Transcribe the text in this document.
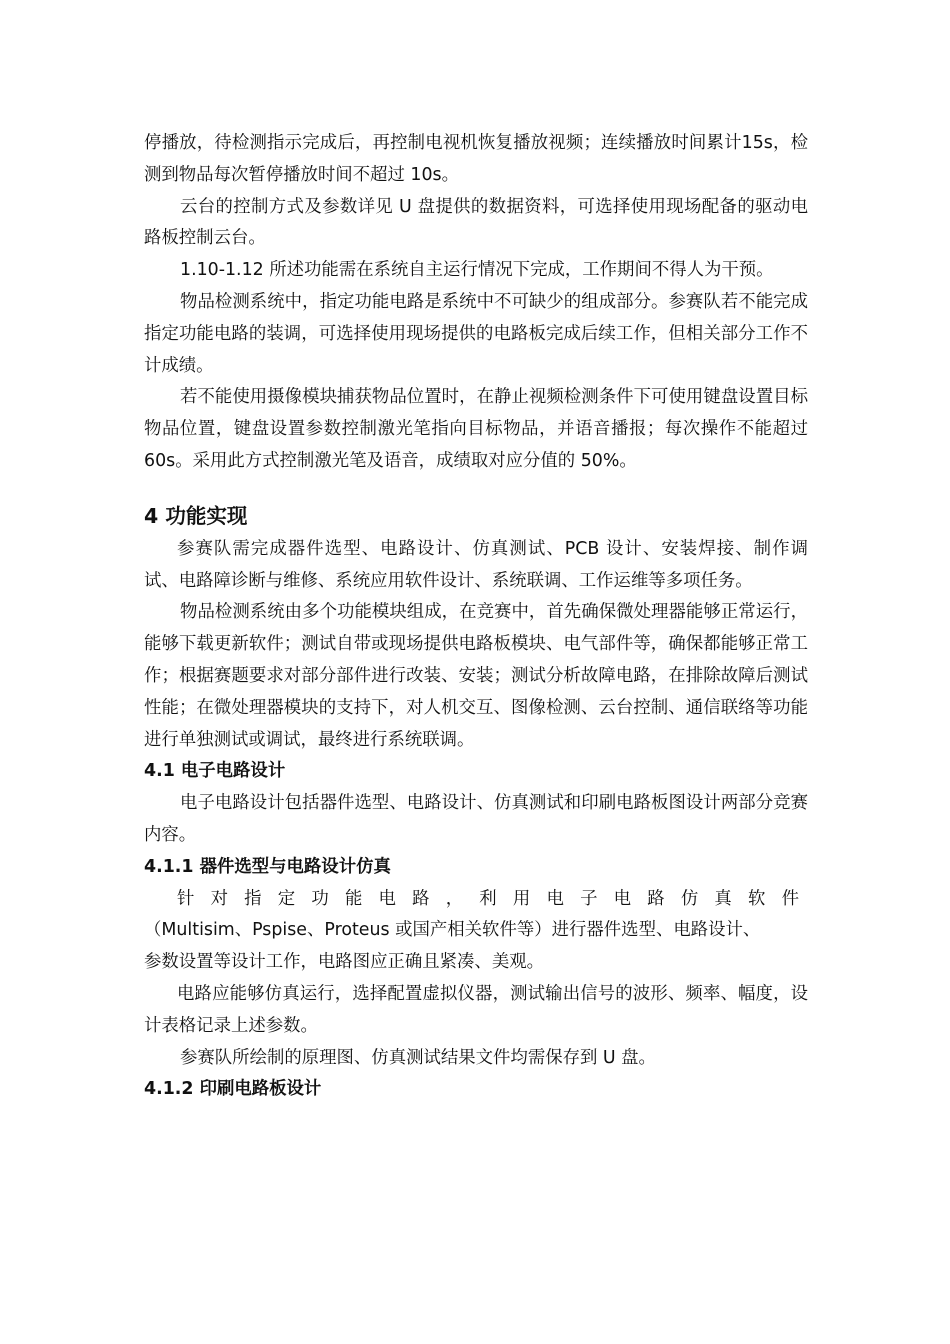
停播放，待检测指示完成后，再控制电视机恢复播放视频；连续播放时间累计15s，检测到物品每次暂停播放时间不超过 10s。

云台的控制方式及参数详见 U 盘提供的数据资料，可选择使用现场配备的驱动电路板控制云台。

1.10-1.12 所述功能需在系统自主运行情况下完成，工作期间不得人为干预。

物品检测系统中，指定功能电路是系统中不可缺少的组成部分。参赛队若不能完成指定功能电路的装调，可选择使用现场提供的电路板完成后续工作，但相关部分工作不计成绩。

若不能使用摄像模块捕获物品位置时，在静止视频检测条件下可使用键盘设置目标物品位置，键盘设置参数控制激光笔指向目标物品，并语音播报；每次操作不能超过 60s。采用此方式控制激光笔及语音，成绩取对应分值的 50%。

4 功能实现

参赛队需完成器件选型、电路设计、仿真测试、PCB 设计、安装焊接、制作调试、电路障诊断与维修、系统应用软件设计、系统联调、工作运维等多项任务。

物品检测系统由多个功能模块组成，在竞赛中，首先确保微处理器能够正常运行，能够下载更新软件；测试自带或现场提供电路板模块、电气部件等，确保都能够正常工作；根据赛题要求对部分部件进行改装、安装；测试分析故障电路，在排除故障后测试性能；在微处理器模块的支持下，对人机交互、图像检测、云台控制、通信联络等功能进行单独测试或调试，最终进行系统联调。

4.1 电子电路设计

电子电路设计包括器件选型、电路设计、仿真测试和印刷电路板图设计两部分竞赛内容。

4.1.1 器件选型与电路设计仿真

针对指定功能电路，利用电子电路仿真软件

（Multisim、Pspise、Proteus 或国产相关软件等）进行器件选型、电路设计、

参数设置等设计工作，电路图应正确且紧凑、美观。

电路应能够仿真运行，选择配置虚拟仪器，测试输出信号的波形、频率、幅度，设计表格记录上述参数。

参赛队所绘制的原理图、仿真测试结果文件均需保存到 U 盘。

4.1.2 印刷电路板设计
